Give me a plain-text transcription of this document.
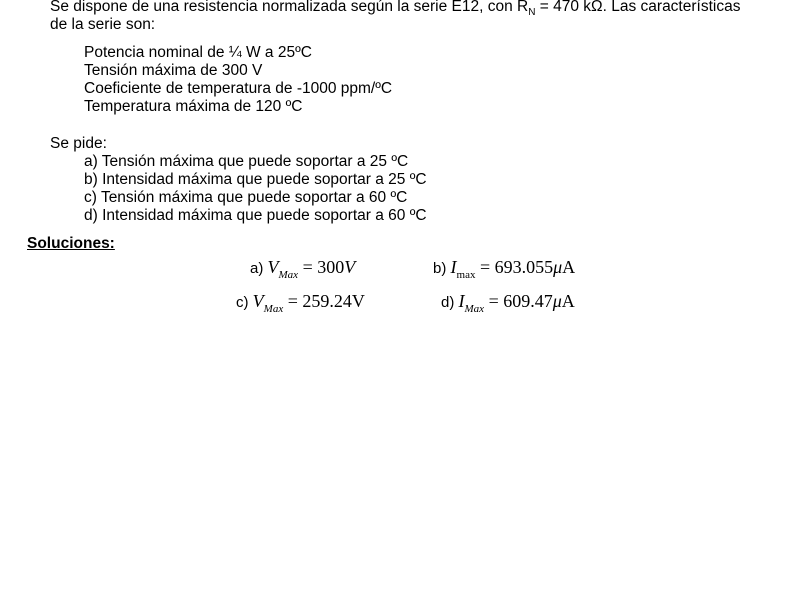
Se dispone de una resistencia normalizada según la serie E12, con $R_N = 470$ kΩ. Las características
de la serie son:
Potencia nominal de ¼ W a 25ºC
Tensión máxima de 300 V
Coeficiente de temperatura de -1000 ppm/ºC
Temperatura máxima de 120 ºC
Se pide:
a) Tensión máxima que puede soportar a 25 ºC
b) Intensidad máxima que puede soportar a 25 ºC
c) Tensión máxima que puede soportar a 60 ºC
d) Intensidad máxima que puede soportar a 60 ºC
Soluciones:
a) $V_{Max} = 300V$	b) $I_{max} = 693.055\mu A$
c) $V_{Max} = 259.24V$	d) $I_{Max} = 609.47\mu A$
